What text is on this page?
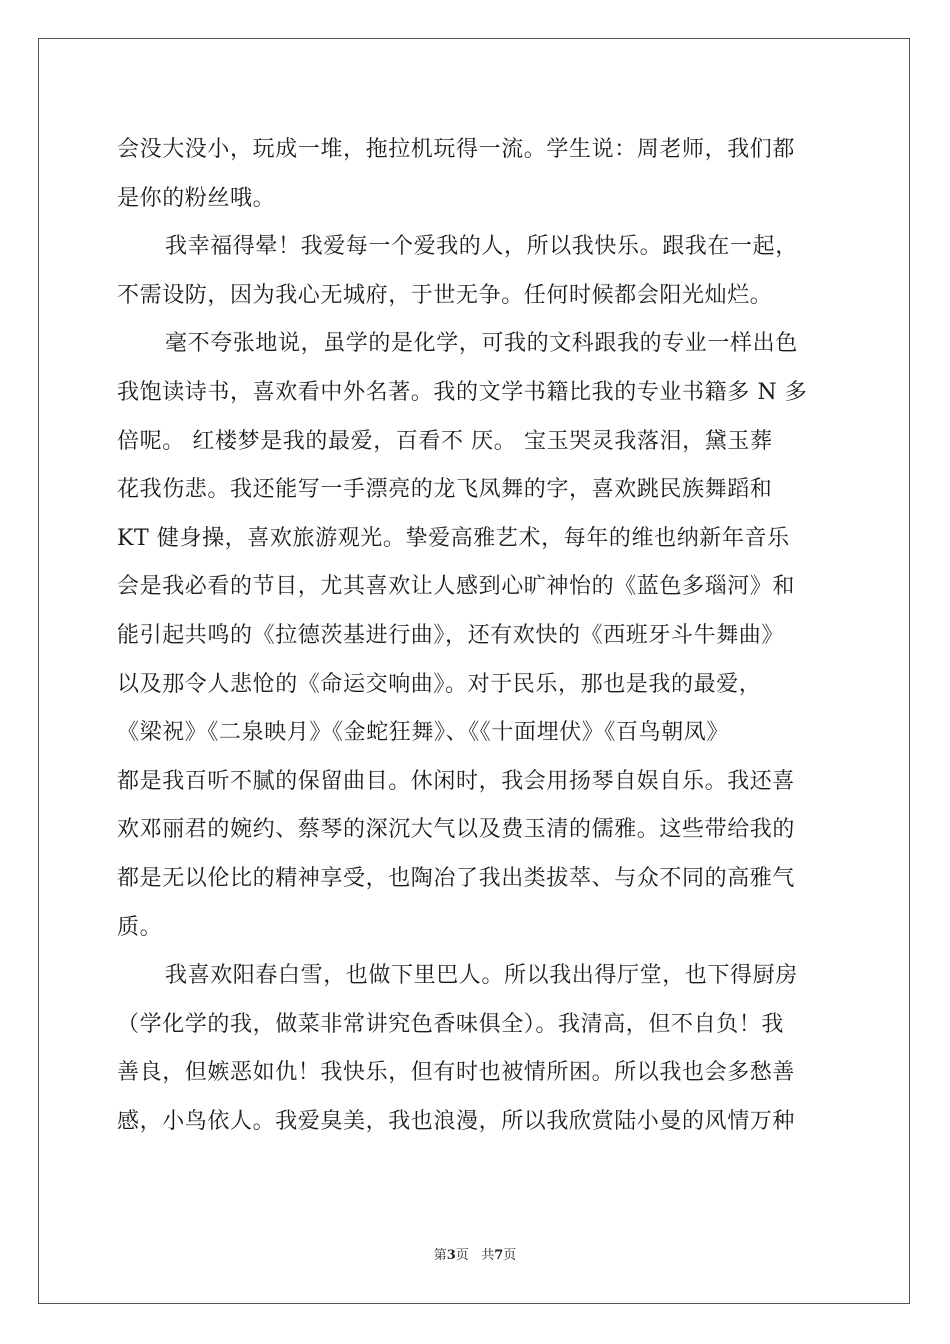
会没大没小，玩成一堆，拖拉机玩得一流。学生说：周老师，我们都
是你的粉丝哦。
我幸福得晕！我爱每一个爱我的人，所以我快乐。跟我在一起，
不需设防，因为我心无城府，于世无争。任何时候都会阳光灿烂。
毫不夸张地说，虽学的是化学，可我的文科跟我的专业一样出色
我饱读诗书，喜欢看中外名著。我的文学书籍比我的专业书籍多 N 多
倍呢。 红楼梦是我的最爱，百看不 厌。 宝玉哭灵我落泪，黛玉葬
花我伤悲。我还能写一手漂亮的龙飞凤舞的字，喜欢跳民族舞蹈和
KT 健身操，喜欢旅游观光。挚爱高雅艺术，每年的维也纳新年音乐
会是我必看的节目，尤其喜欢让人感到心旷神怡的《蓝色多瑙河》和
能引起共鸣的《拉德茨基进行曲》，还有欢快的《西班牙斗牛舞曲》
以及那令人悲怆的《命运交响曲》。对于民乐，那也是我的最爱，
《梁祝》《二泉映月》《金蛇狂舞》、《《十面埋伏》《百鸟朝凤》
都是我百听不腻的保留曲目。休闲时，我会用扬琴自娱自乐。我还喜
欢邓丽君的婉约、蔡琴的深沉大气以及费玉清的儒雅。这些带给我的
都是无以伦比的精神享受，也陶冶了我出类拔萃、与众不同的高雅气
质。
我喜欢阳春白雪，也做下里巴人。所以我出得厅堂，也下得厨房
（学化学的我，做菜非常讲究色香味俱全）。我清高，但不自负！我
善良，但嫉恶如仇！我快乐，但有时也被情所困。所以我也会多愁善
感，小鸟依人。我爱臭美，我也浪漫，所以我欣赏陆小曼的风情万种
第3页 共7页
